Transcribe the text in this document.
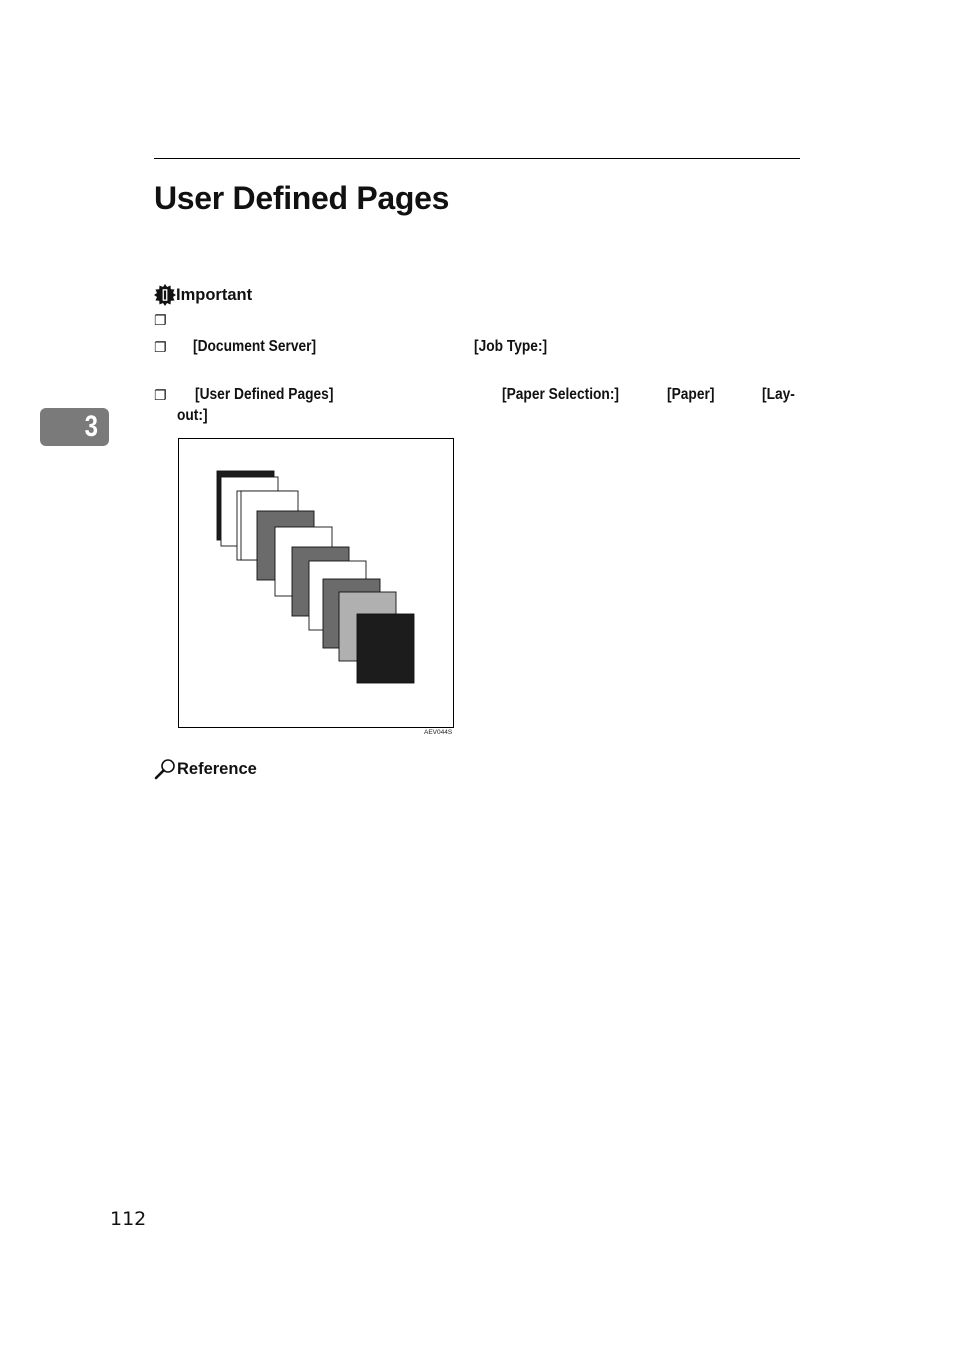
User Defined Pages
Important
❐
❐ [Document Server]	[Job Type:]
❐ [User Defined Pages]	[Paper Selection:]	[Paper]	[Lay-
out:]
3
AEV044S
Reference
112
